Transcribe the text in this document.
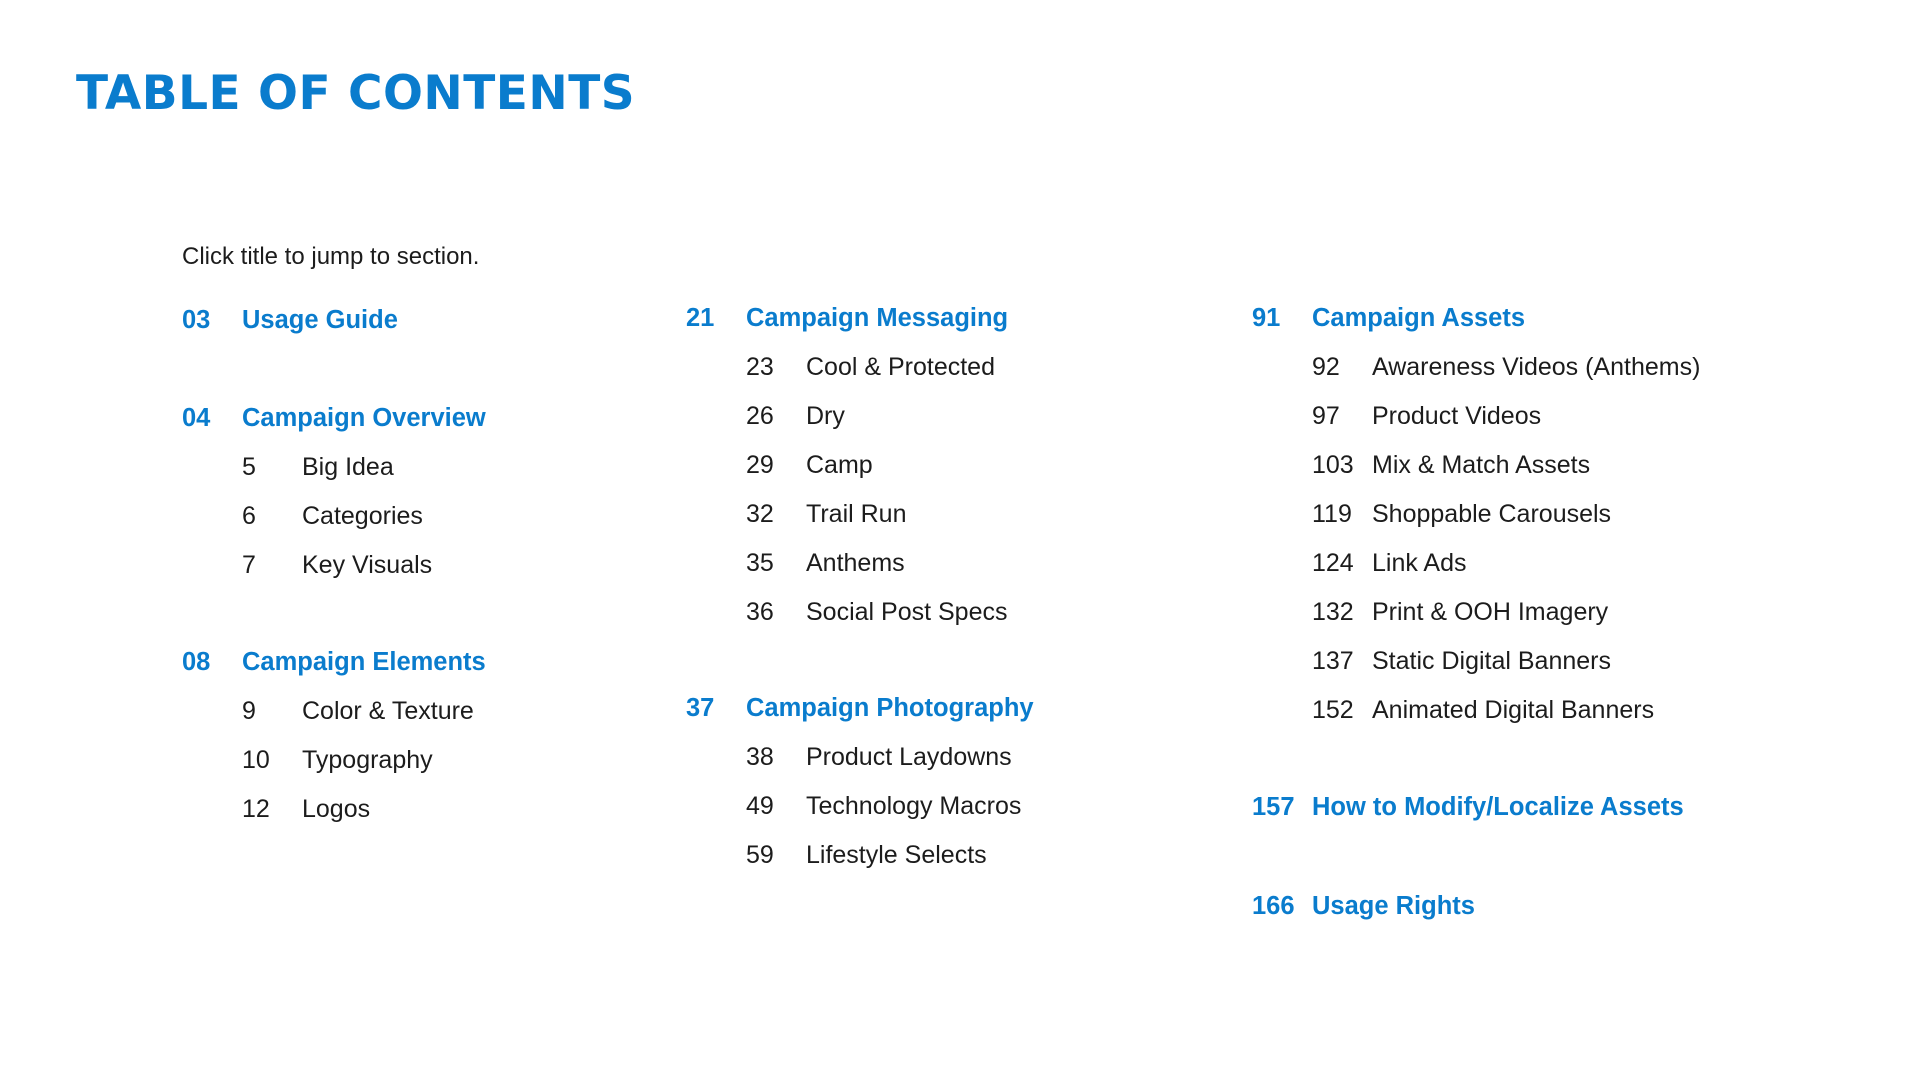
TABLE OF CONTENTS
Click title to jump to section.
03 Usage Guide
04 Campaign Overview
5 Big Idea
6 Categories
7 Key Visuals
08 Campaign Elements
9 Color & Texture
10 Typography
12 Logos
21 Campaign Messaging
23 Cool & Protected
26 Dry
29 Camp
32 Trail Run
35 Anthems
36 Social Post Specs
37 Campaign Photography
38 Product Laydowns
49 Technology Macros
59 Lifestyle Selects
91 Campaign Assets
92 Awareness Videos (Anthems)
97 Product Videos
103 Mix & Match Assets
119 Shoppable Carousels
124 Link Ads
132 Print & OOH Imagery
137 Static Digital Banners
152 Animated Digital Banners
157 How to Modify/Localize Assets
166 Usage Rights
